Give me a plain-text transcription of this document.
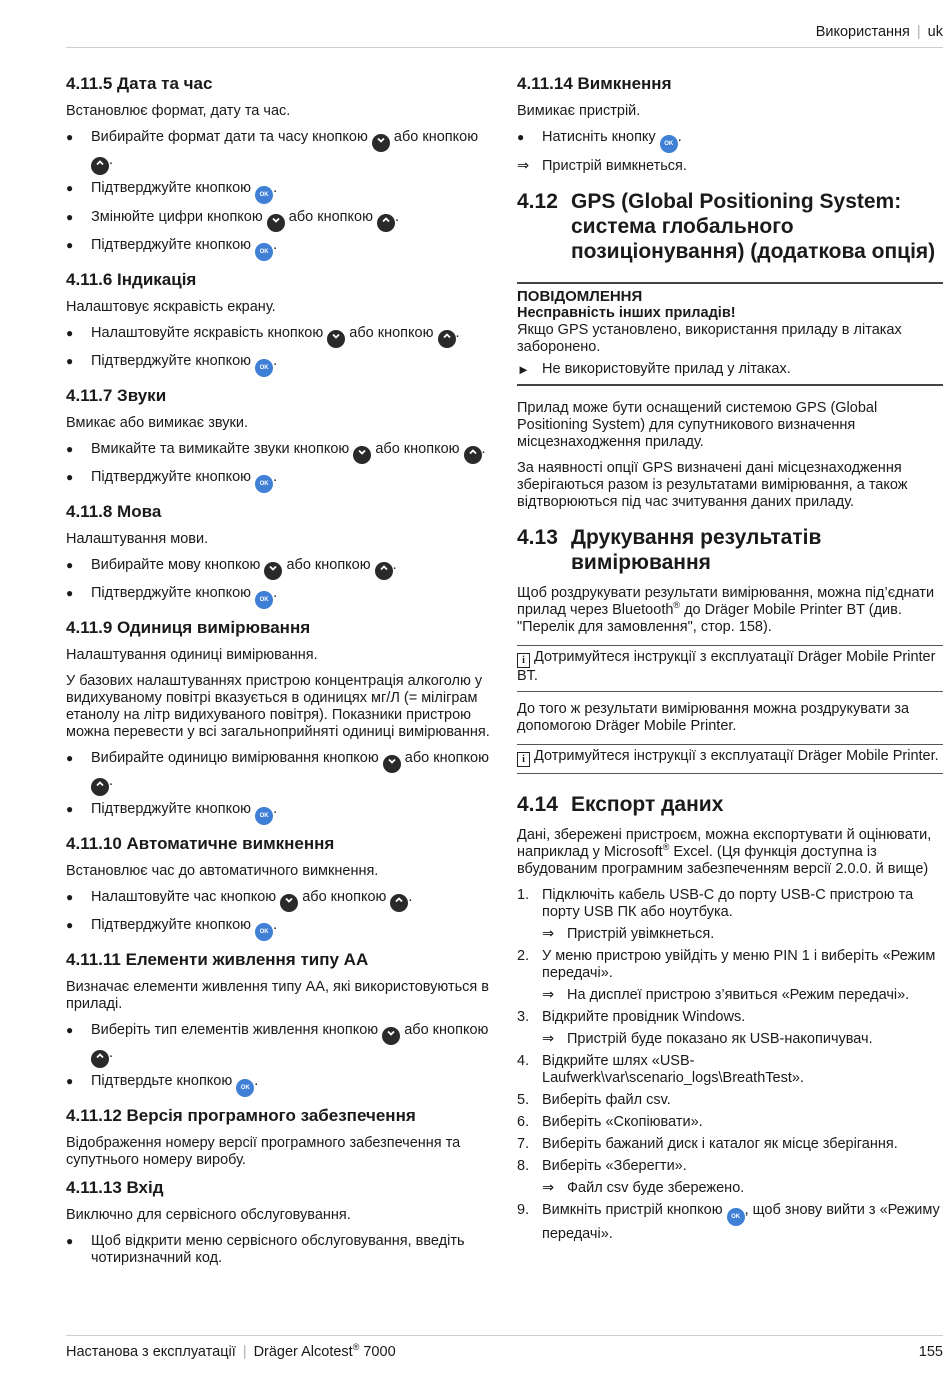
Використання | uk
4.11.5 Дата та час

Встановлює формат, дату та час.

● Вибирайте формат дати та часу кнопкою  або кнопкою .
● Підтверджуйте кнопкою OK .
● Змінюйте цифри кнопкою  або кнопкою .
● Підтверджуйте кнопкою OK .
4.11.6 Індикація

Налаштовує яскравість екрану.

● Налаштовуйте яскравість кнопкою  або кнопкою .
● Підтверджуйте кнопкою OK .
4.11.7 Звуки

Вмикає або вимикає звуки.

● Вмикайте та вимикайте звуки кнопкою  або кнопкою .
● Підтверджуйте кнопкою OK .
4.11.8 Мова

Налаштування мови.

● Вибирайте мову кнопкою  або кнопкою .
● Підтверджуйте кнопкою OK .
4.11.9 Одиниця вимірювання

Налаштування одиниці вимірювання.

У базових налаштуваннях пристрою концентрація алкоголю у видихуваному повітрі вказується в одиницях мг/Л (= міліграм етанолу на літр видихуваного повітря). Показники пристрою можна перевести у всі загальноприйняті одиниці вимірювання.

● Вибирайте одиницю вимірювання кнопкою  або кнопкою .
● Підтверджуйте кнопкою OK .
4.11.10 Автоматичне вимкнення

Встановлює час до автоматичного вимкнення.

● Налаштовуйте час кнопкою  або кнопкою .
● Підтверджуйте кнопкою OK .
4.11.11 Елементи живлення типу АА

Визначає елементи живлення типу АА, які використовуються в приладі.

● Виберіть тип елементів живлення кнопкою  або кнопкою .
● Підтвердьте кнопкою OK .
4.11.12 Версія програмного забезпечення

Відображення номеру версії програмного забезпечення та супутнього номеру виробу.

4.11.13 Вхід

Виключно для сервісного обслуговування.

● Щоб відкрити меню сервісного обслуговування, введіть чотиризначний код.
4.11.14 Вимкнення

Вимикає пристрій.

● Натисніть кнопку OK .
⇒ Пристрій вимкнеться.
4.12 GPS (Global Positioning System: система глобального позиціонування) (додаткова опція)
ПОВІДОМЛЕННЯ
Несправність інших приладів!
Якщо GPS установлено, використання приладу в літаках заборонено.
► Не використовуйте прилад у літаках.

Прилад може бути оснащений системою GPS (Global Positioning System) для супутникового визначення місцезнаходження приладу.

За наявності опції GPS визначені дані місцезнаходження зберігаються разом із результатами вимірювання, а також відтворюються під час зчитування даних приладу.

4.13 Друкування результатів вимірювання

Щоб роздрукувати результати вимірювання, можна під’єднати прилад через Bluetooth® до Dräger Mobile Printer BT (див. "Перелік для замовлення", стор. 158).

i Дотримуйтеся інструкції з експлуатації Dräger Mobile Printer BT.

До того ж результати вимірювання можна роздрукувати за допомогою Dräger Mobile Printer.

i Дотримуйтеся інструкції з експлуатації Dräger Mobile Printer.
4.14 Експорт даних

Дані, збережені пристроєм, можна експортувати й оцінювати, наприклад у Microsoft® Excel. (Ця функція доступна із вбудованим програмним забезпеченням версії 2.0.0. й вище)

1. Підключіть кабель USB-C до порту USB-C пристрою та порту USB ПК або ноутбука.
⇒ Пристрій увімкнеться.
2. У меню пристрою увійдіть у меню PIN 1 і виберіть «Режим передачі».
⇒ На дисплеї пристрою з’явиться «Режим передачі».
3. Відкрийте провідник Windows.
⇒ Пристрій буде показано як USB-накопичувач.
4. Відкрийте шлях «USB-Laufwerk\var\scenario_logs\BreathTest».
5. Виберіть файл csv.
6. Виберіть «Скопіювати».
7. Виберіть бажаний диск і каталог як місце зберігання.
8. Виберіть «Зберегти».
⇒ Файл csv буде збережено.
9. Вимкніть пристрій кнопкою OK , щоб знову вийти з «Режиму передачі».
Настанова з експлуатації | Dräger Alcotest® 7000	155
